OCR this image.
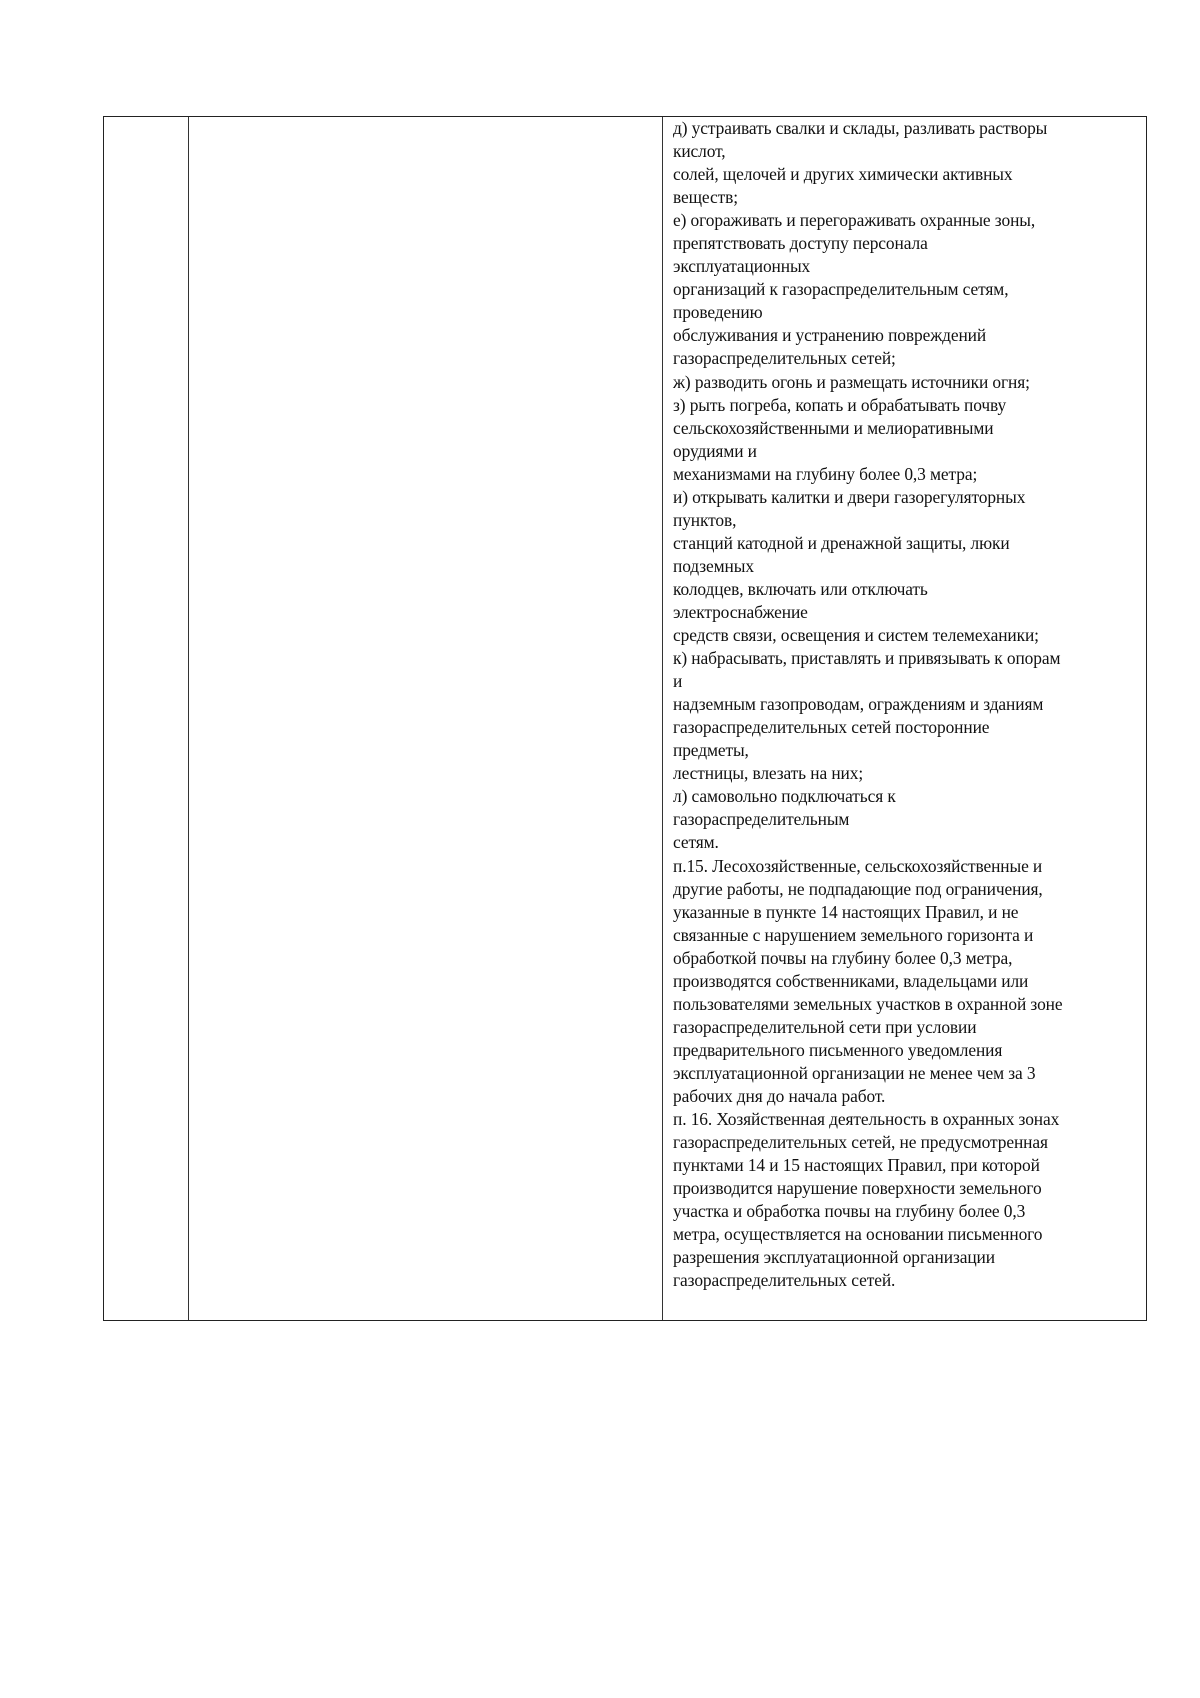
д) устраивать свалки и склады, разливать растворы
кислот,
солей, щелочей и других химически активных
веществ;
е) огораживать и перегораживать охранные зоны,
препятствовать доступу персонала
эксплуатационных
организаций к газораспределительным сетям,
проведению
обслуживания и устранению повреждений
газораспределительных сетей;
ж) разводить огонь и размещать источники огня;
з) рыть погреба, копать и обрабатывать почву
сельскохозяйственными и мелиоративными
орудиями и
механизмами на глубину более 0,3 метра;
и) открывать калитки и двери газорегуляторных
пунктов,
станций катодной и дренажной защиты, люки
подземных
колодцев, включать или отключать
электроснабжение
средств связи, освещения и систем телемеханики;
к) набрасывать, приставлять и привязывать к опорам
и
надземным газопроводам, ограждениям и зданиям
газораспределительных сетей посторонние
предметы,
лестницы, влезать на них;
л) самовольно подключаться к
газораспределительным
сетям.
п.15. Лесохозяйственные, сельскохозяйственные и
другие работы, не подпадающие под ограничения,
указанные в пункте 14 настоящих Правил, и не
связанные с нарушением земельного горизонта и
обработкой почвы на глубину более 0,3 метра,
производятся собственниками, владельцами или
пользователями земельных участков в охранной зоне
газораспределительной сети при условии
предварительного письменного уведомления
эксплуатационной организации не менее чем за 3
рабочих дня до начала работ.
п. 16. Хозяйственная деятельность в охранных зонах
газораспределительных сетей, не предусмотренная
пунктами 14 и 15 настоящих Правил, при которой
производится нарушение поверхности земельного
участка и обработка почвы на глубину более 0,3
метра, осуществляется на основании письменного
разрешения эксплуатационной организации
газораспределительных сетей.
